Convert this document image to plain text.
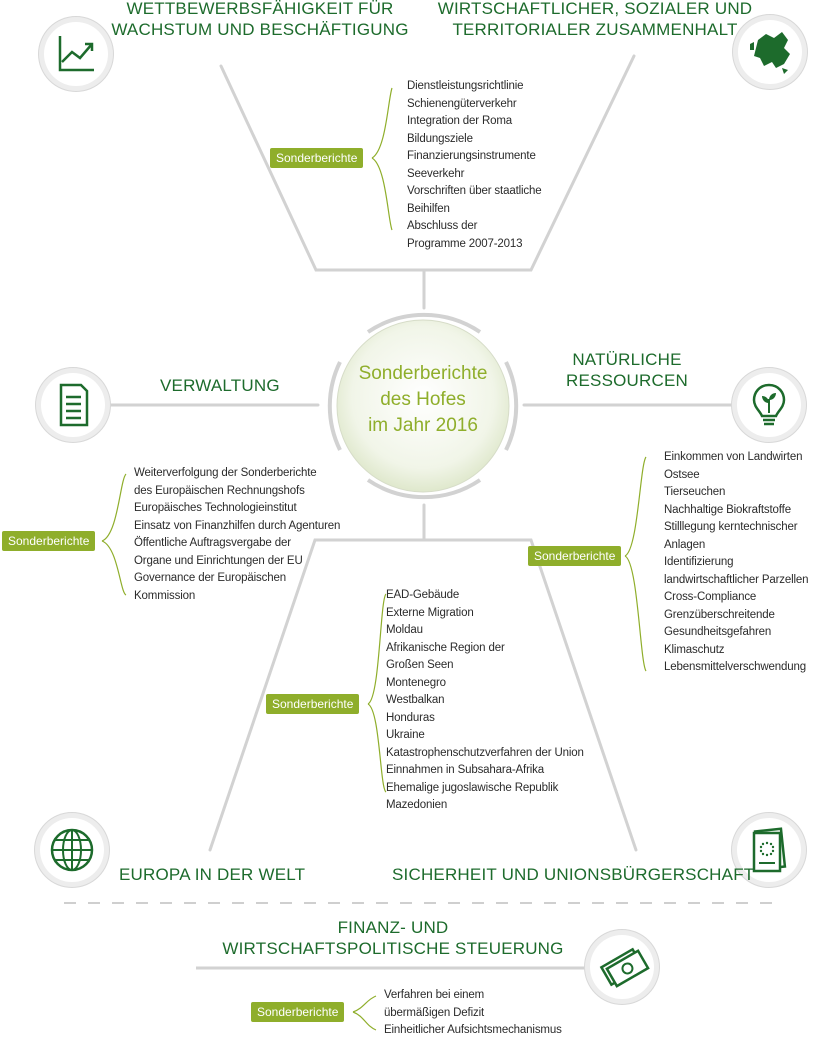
Sonderberichte
des Hofes
im Jahr 2016
WETTBEWERBSFÄHIGKEIT FÜR
WACHSTUM UND BESCHÄFTIGUNG
WIRTSCHAFTLICHER, SOZIALER UND
TERRITORIALER ZUSAMMENHALT
VERWALTUNG
NATÜRLICHE
RESSOURCEN
EUROPA IN DER WELT	SICHERHEIT UND UNIONSBÜRGERSCHAFT
FINANZ- UND
WIRTSCHAFTSPOLITISCHE STEUERUNG
Sonderberichte
Sonderberichte
Sonderberichte
Sonderberichte
Sonderberichte
Dienstleistungsrichtlinie
Schienengüterverkehr
Integration der Roma
Bildungsziele
Finanzierungsinstrumente
Seeverkehr
Vorschriften über staatliche
Beihilfen
Abschluss der
Programme 2007-2013
Weiterverfolgung der Sonderberichte
des Europäischen Rechnungshofs
Europäisches Technologieinstitut
Einsatz von Finanzhilfen durch Agenturen
Öffentliche Auftragsvergabe der
Organe und Einrichtungen der EU
Governance der Europäischen
Kommission
Einkommen von Landwirten
Ostsee
Tierseuchen
Nachhaltige Biokraftstoffe
Stilllegung kerntechnischer
Anlagen
Identifizierung
landwirtschaftlicher Parzellen
Cross-Compliance
Grenzüberschreitende
Gesundheitsgefahren
Klimaschutz
Lebensmittelverschwendung
EAD-Gebäude
Externe Migration
Moldau
Afrikanische Region der
Großen Seen
Montenegro
Westbalkan
Honduras
Ukraine
Katastrophenschutzverfahren der Union
Einnahmen in Subsahara-Afrika
Ehemalige jugoslawische Republik
Mazedonien
Verfahren bei einem
übermäßigen Defizit
Einheitlicher Aufsichtsmechanismus
